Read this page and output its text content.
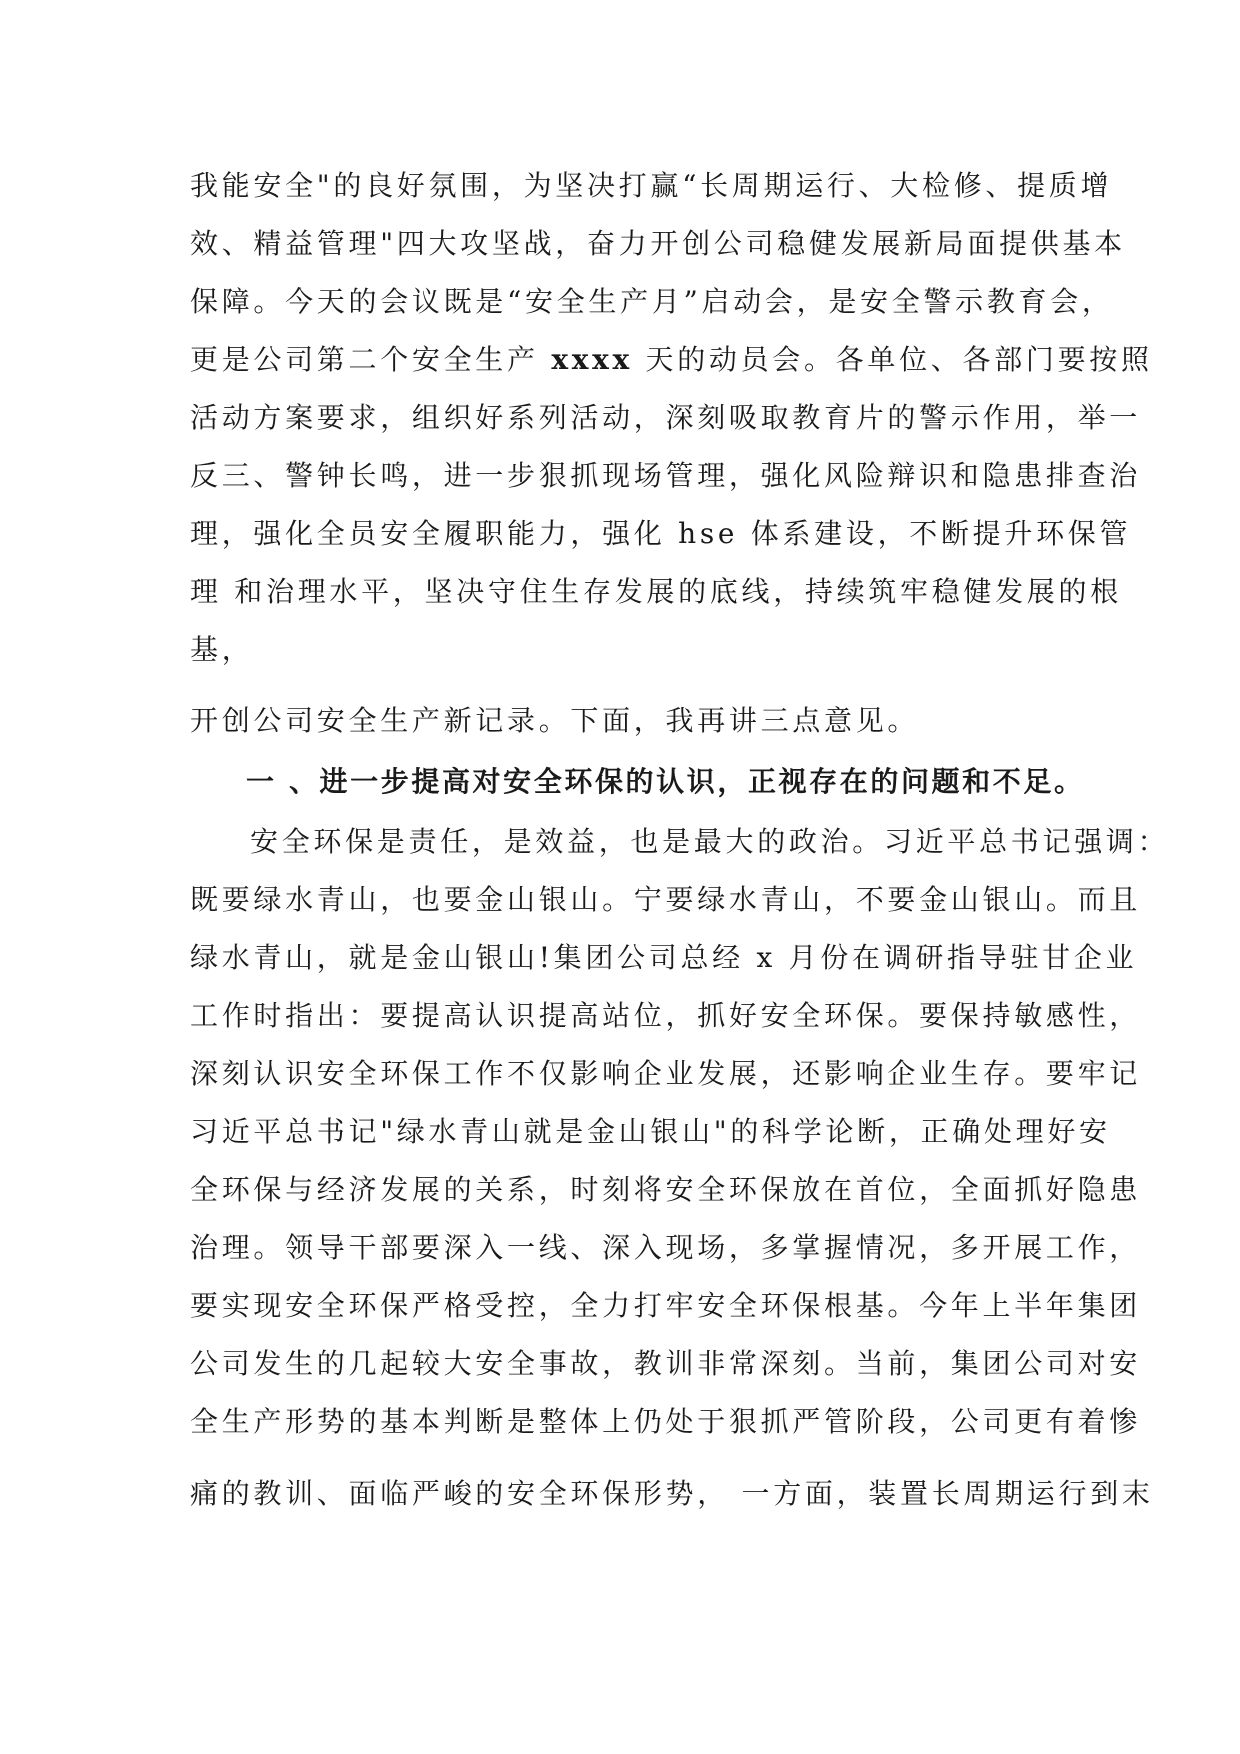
我能安全"的良好氛围，为坚决打赢“长周期运行、大检修、提质增
效、精益管理"四大攻坚战，奋力开创公司稳健发展新局面提供基本
保障。今天的会议既是“安全生产月”启动会，是安全警示教育会，
更是公司第二个安全生产 xxxx 天的动员会。各单位、各部门要按照
活动方案要求，组织好系列活动，深刻吸取教育片的警示作用，举一
反三、警钟长鸣，进一步狠抓现场管理，强化风险辩识和隐患排查治
理，强化全员安全履职能力，强化 hse 体系建设，不断提升环保管
理 和治理水平，坚决守住生存发展的底线，持续筑牢稳健发展的根
基，
开创公司安全生产新记录。下面，我再讲三点意见。
一 、进一步提高对安全环保的认识，正视存在的问题和不足。
安全环保是责任，是效益，也是最大的政治。习近平总书记强调：
既要绿水青山，也要金山银山。宁要绿水青山，不要金山银山。而且
绿水青山，就是金山银山!集团公司总经 x 月份在调研指导驻甘企业
工作时指出：要提高认识提高站位，抓好安全环保。要保持敏感性，
深刻认识安全环保工作不仅影响企业发展，还影响企业生存。要牢记
习近平总书记"绿水青山就是金山银山"的科学论断，正确处理好安
全环保与经济发展的关系，时刻将安全环保放在首位，全面抓好隐患
治理。领导干部要深入一线、深入现场，多掌握情况，多开展工作，
要实现安全环保严格受控，全力打牢安全环保根基。今年上半年集团
公司发生的几起较大安全事故，教训非常深刻。当前，集团公司对安
全生产形势的基本判断是整体上仍处于狠抓严管阶段，公司更有着惨
痛的教训、面临严峻的安全环保形势， 一方面，装置长周期运行到末
